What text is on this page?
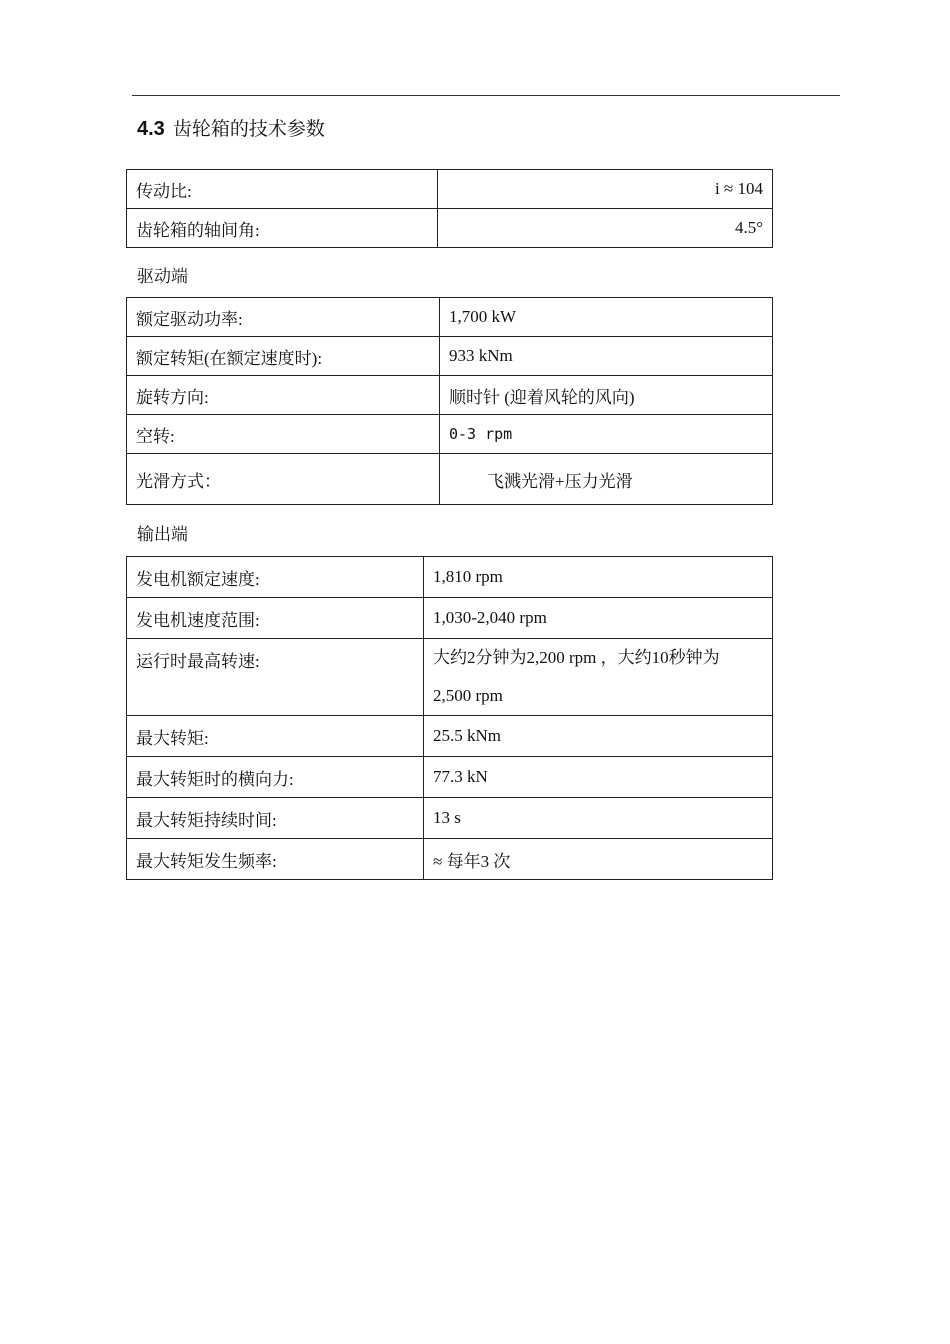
4.3 齿轮箱的技术参数
传动比:	i ≈ 104
齿轮箱的轴间角:	4.5°
驱动端
额定驱动功率:	1,700 kW
额定转矩(在额定速度时):	933 kNm
旋转方向:	顺时针 (迎着风轮的风向)
空转:	0-3 rpm
光滑方式：	飞溅光滑+压力光滑
输出端
发电机额定速度:	1,810 rpm
发电机速度范围:	1,030-2,040 rpm
运行时最高转速:	大约2分钟为2,200 rpm ，大约10秒钟为
2,500 rpm
最大转矩:	25.5 kNm
最大转矩时的横向力:	77.3 kN
最大转矩持续时间:	13 s
最大转矩发生频率:	≈ 每年3 次
